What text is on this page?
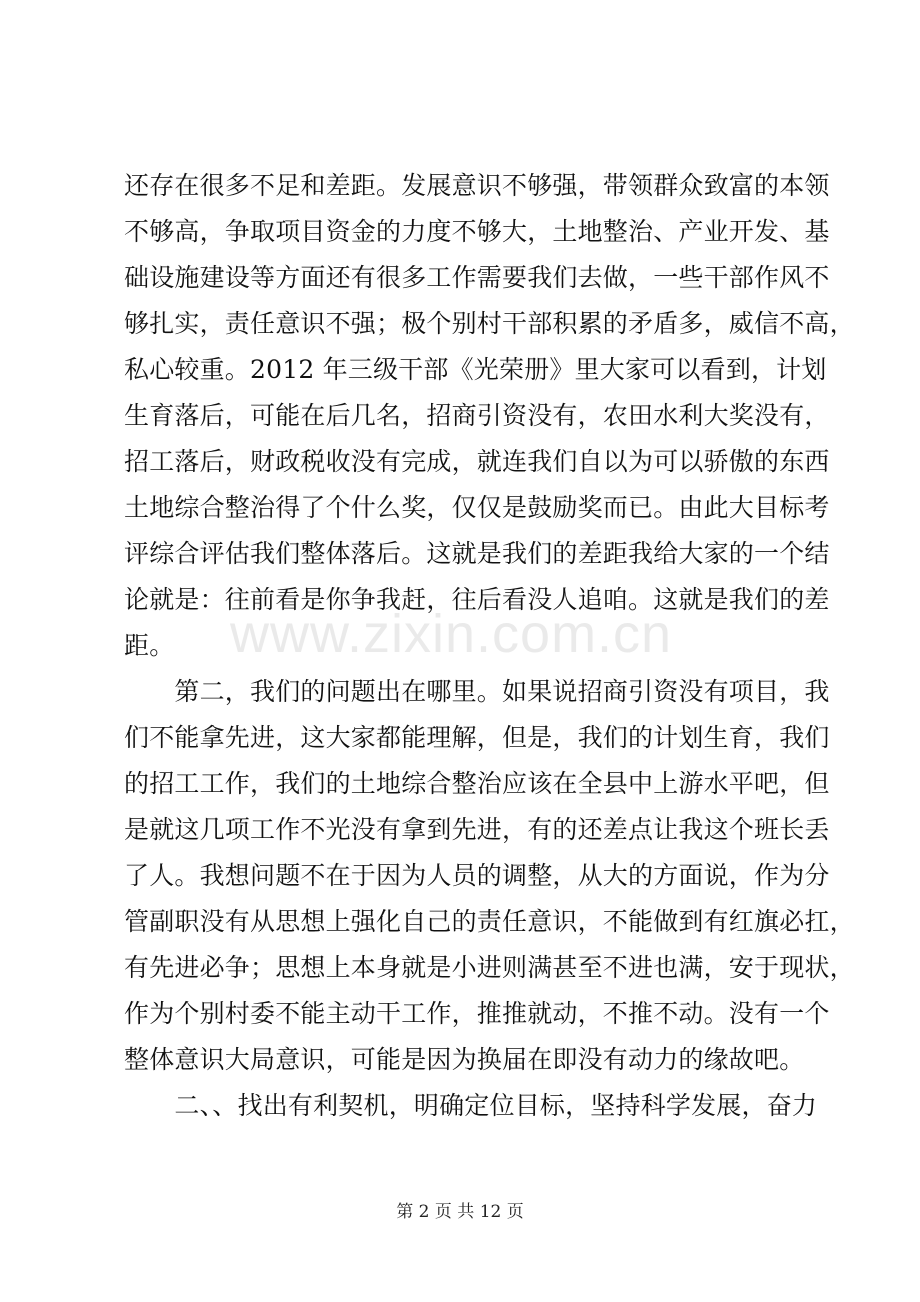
还存在很多不足和差距。发展意识不够强，带领群众致富的本领
不够高，争取项目资金的力度不够大，土地整治、产业开发、基
础设施建设等方面还有很多工作需要我们去做，一些干部作风不
够扎实，责任意识不强；极个别村干部积累的矛盾多，威信不高，
私心较重。2012 年三级干部《光荣册》里大家可以看到，计划
生育落后，可能在后几名，招商引资没有，农田水利大奖没有，
招工落后，财政税收没有完成，就连我们自以为可以骄傲的东西
土地综合整治得了个什么奖，仅仅是鼓励奖而已。由此大目标考
评综合评估我们整体落后。这就是我们的差距我给大家的一个结
论就是：往前看是你争我赶，往后看没人追咱。这就是我们的差
距。
　　第二，我们的问题出在哪里。如果说招商引资没有项目，我
们不能拿先进，这大家都能理解，但是，我们的计划生育，我们
的招工工作，我们的土地综合整治应该在全县中上游水平吧，但
是就这几项工作不光没有拿到先进，有的还差点让我这个班长丢
了人。我想问题不在于因为人员的调整，从大的方面说，作为分
管副职没有从思想上强化自己的责任意识，不能做到有红旗必扛，
有先进必争；思想上本身就是小进则满甚至不进也满，安于现状，
作为个别村委不能主动干工作，推推就动，不推不动。没有一个
整体意识大局意识，可能是因为换届在即没有动力的缘故吧。
　　二、、找出有利契机，明确定位目标，坚持科学发展，奋力
www.zixin.com.cn
第 2 页 共 12 页
